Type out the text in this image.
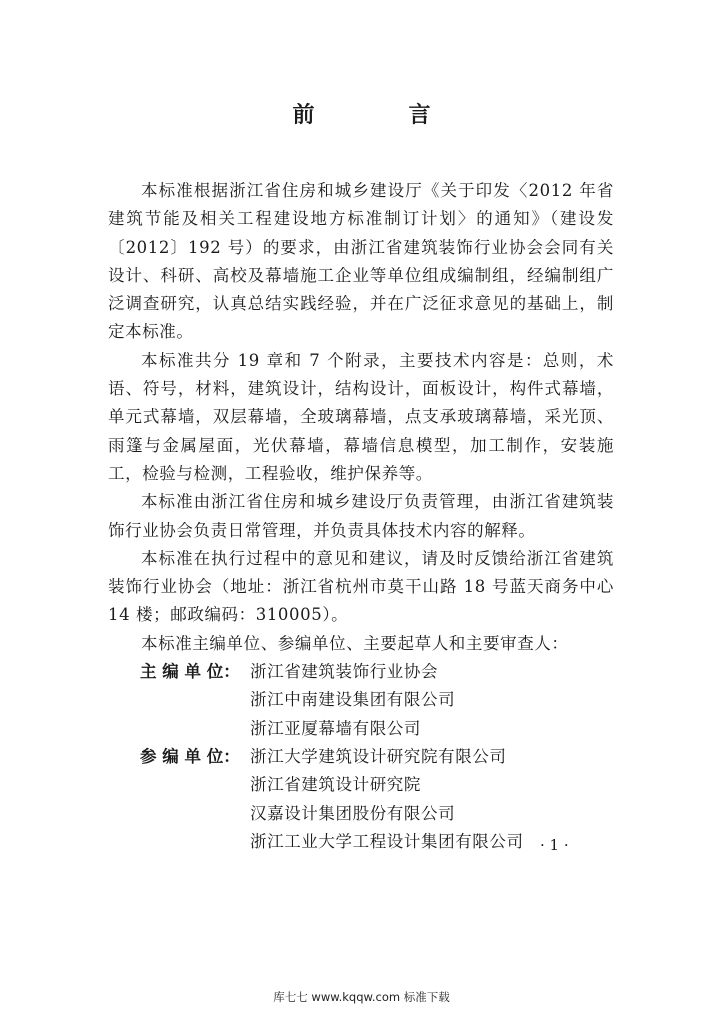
前　言

本标准根据浙江省住房和城乡建设厅《关于印发〈2012 年省建筑节能及相关工程建设地方标准制订计划〉的通知》（建设发〔2012〕192 号）的要求，由浙江省建筑装饰行业协会会同有关设计、科研、高校及幕墙施工企业等单位组成编制组，经编制组广泛调查研究，认真总结实践经验，并在广泛征求意见的基础上，制定本标准。

本标准共分 19 章和 7 个附录，主要技术内容是：总则，术语、符号，材料，建筑设计，结构设计，面板设计，构件式幕墙，单元式幕墙，双层幕墙，全玻璃幕墙，点支承玻璃幕墙，采光顶、雨篷与金属屋面，光伏幕墙，幕墙信息模型，加工制作，安装施工，检验与检测，工程验收，维护保养等。

本标准由浙江省住房和城乡建设厅负责管理，由浙江省建筑装饰行业协会负责日常管理，并负责具体技术内容的解释。

本标准在执行过程中的意见和建议，请及时反馈给浙江省建筑装饰行业协会（地址：浙江省杭州市莫干山路 18 号蓝天商务中心 14 楼；邮政编码：310005）。

本标准主编单位、参编单位、主要起草人和主要审查人：

主 编 单 位： 浙江省建筑装饰行业协会
浙江中南建设集团有限公司
浙江亚厦幕墙有限公司
参 编 单 位： 浙江大学建筑设计研究院有限公司
浙江省建筑设计研究院
汉嘉设计集团股份有限公司
浙江工业大学工程设计集团有限公司 · 1 ·
库七七 www.kqqw.com 标准下载
